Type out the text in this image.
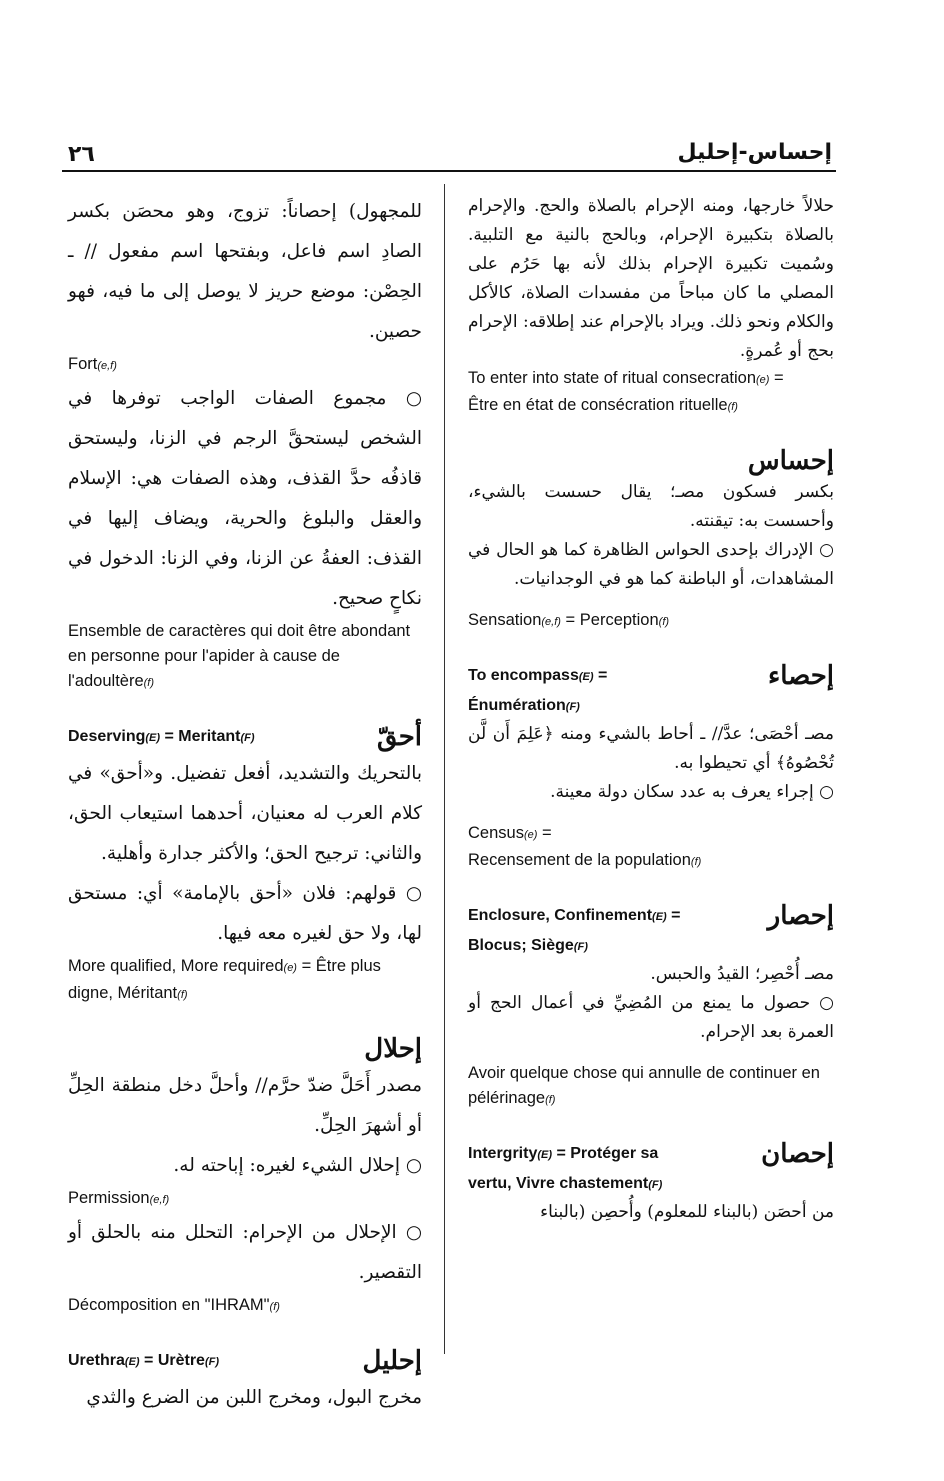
٢٦	إحساس-إحليل

حلالاً خارجها، ومنه الإحرام بالصلاة والحج. والإحرام بالصلاة بتكبيرة الإحرام، وبالحج بالنية مع التلبية. وسُميت تكبيرة الإحرام بذلك لأنه بها حَرُم على المصلي ما كان مباحاً من مفسدات الصلاة، كالأكل والكلام ونحو ذلك. ويراد بالإحرام عند إطلاقه: الإحرام بحج أو عُمرةٍ.

To enter into state of ritual consecration(e) =
Être en état de consécration rituelle(f)

إحساس

بكسر فسكون مصـ؛ يقال حسست بالشيء، وأحسست به: تيقنته.

○ الإدراك بإحدى الحواس الظاهرة كما هو الحال في المشاهدات، أو الباطنة كما هو في الوجدانيات.

Sensation(e,f) = Perception(f)

To encompass(E) =	إحصاء
Énumération(F)

مصـ أحْصَى؛ عدَّ// ـ أحاط بالشيء ومنه ﴿عَلِمَ أَن لَّن تُحْصُوهُ﴾ أي تحيطوا به.

○ إجراء يعرف به عدد سكان دولة معينة.

Census(e) =
Recensement de la population(f)

Enclosure, Confinement(E) =	إحصار
Blocus; Siège(F)

مصـ أُحْصِر؛ القيدُ والحبس.

○ حصول ما يمنع من المُضِيِّ في أعمال الحج أو العمرة بعد الإحرام.

Avoir quelque chose qui annulle de continuer en pélérinage(f)

Intergrity(E) = Protéger sa	إحصان
vertu, Vivre chastement(F)

من أحصَن (بالبناء للمعلوم) وأُحصِن (بالبناء

للمجهول) إحصاناً: تزوج، وهو محصَن بكسر الصادِ اسم فاعل، وبفتحها اسم مفعول // ـ الحِصْن: موضع حريز لا يوصل إلى ما فيه، فهو حصين.

Fort(e,f)

○ مجموع الصفات الواجب توفرها في الشخص ليستحقَّ الرجم في الزنا، وليستحق قاذفُه حدَّ القذف، وهذه الصفات هي: الإسلام والعقل والبلوغ والحرية، ويضاف إليها في القذف: العفةُ عن الزنا، وفي الزنا: الدخول في نكاحٍ صحيح.

Ensemble de caractères qui doit être abondant en personne pour l'apider à cause de l'adoultère(f)

Deserving(E) = Meritant(F)	أحقّ

بالتحريك والتشديد، أفعل تفضيل. و«أحق» في كلام العرب له معنيان، أحدهما استيعاب الحق، والثاني: ترجيح الحق؛ والأكثر جدارة وأهلية.

○ قولهم: فلان «أحق بالإمامة» أي: مستحق لها، ولا حق لغيره معه فيها.

More qualified, More required(e) = Être plus digne, Méritant(f)

إحلال

مصدر أَحَلَّ ضدّ حرَّم// وأحلَّ دخل منطقة الحِلِّ أو أشهرَ الحِلِّ.

○ إحلال الشيء لغيره: إباحته له.

Permission(e,f)

○ الإحلال من الإحرام: التحلل منه بالحلق أو التقصير.

Décomposition en "IHRAM"(f)

Urethra(E) = Urètre(F)	إحليل

مخرج البول، ومخرج اللبن من الضرع والثدي
